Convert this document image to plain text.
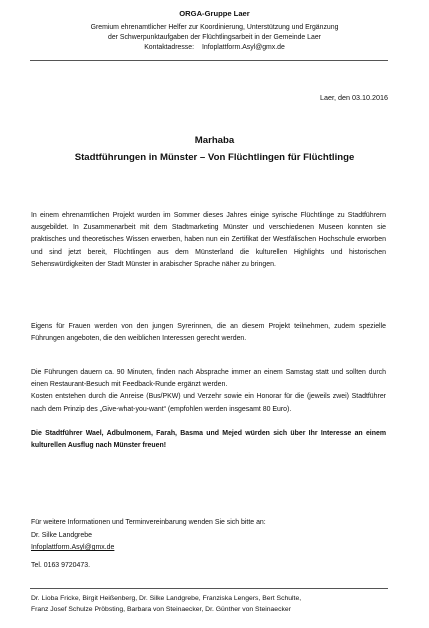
ORGA-Gruppe Laer
Gremium ehrenamtlicher Helfer zur Koordinierung, Unterstützung und Ergänzung
der Schwerpunktaufgaben der Flüchtlingsarbeit in der Gemeinde Laer
Kontaktadresse: Infoplattform.Asyl@gmx.de
Laer, den 03.10.2016
Marhaba
Stadtführungen in Münster – Von Flüchtlingen für Flüchtlinge
In einem ehrenamtlichen Projekt wurden im Sommer dieses Jahres einige syrische Flüchtlinge zu Stadtführern ausgebildet. In Zusammenarbeit mit dem Stadtmarketing Münster und verschiedenen Museen konnten sie praktisches und theoretisches Wissen erwerben, haben nun ein Zertifikat der Westfälischen Hochschule erworben und sind jetzt bereit, Flüchtlingen aus dem Münsterland die kulturellen Highlights und historischen Sehenswürdigkeiten der Stadt Münster in arabischer Sprache näher zu bringen.
Eigens für Frauen werden von den jungen Syrerinnen, die an diesem Projekt teilnehmen, zudem spezielle Führungen angeboten, die den weiblichen Interessen gerecht werden.
Die Führungen dauern ca. 90 Minuten, finden nach Absprache immer an einem Samstag statt und sollten durch einen Restaurant-Besuch mit Feedback-Runde ergänzt werden.
Kosten entstehen durch die Anreise (Bus/PKW) und Verzehr sowie ein Honorar für die (jeweils zwei) Stadtführer nach dem Prinzip des „Give-what-you-want“ (empfohlen werden insgesamt 80 Euro).
Die Stadtführer Wael, Adbulmonem, Farah, Basma und Mejed würden sich über Ihr Interesse an einem kulturellen Ausflug nach Münster freuen!
Für weitere Informationen und Terminvereinbarung wenden Sie sich bitte an:
Dr. Silke Landgrebe
Infoplattform.Asyl@gmx.de
Tel. 0163 9720473.
Dr. Lioba Fricke, Birgit Heißenberg, Dr. Silke Landgrebe, Franziska Lengers, Bert Schulte,
Franz Josef Schulze Pröbsting, Barbara von Steinaecker, Dr. Günther von Steinaecker
